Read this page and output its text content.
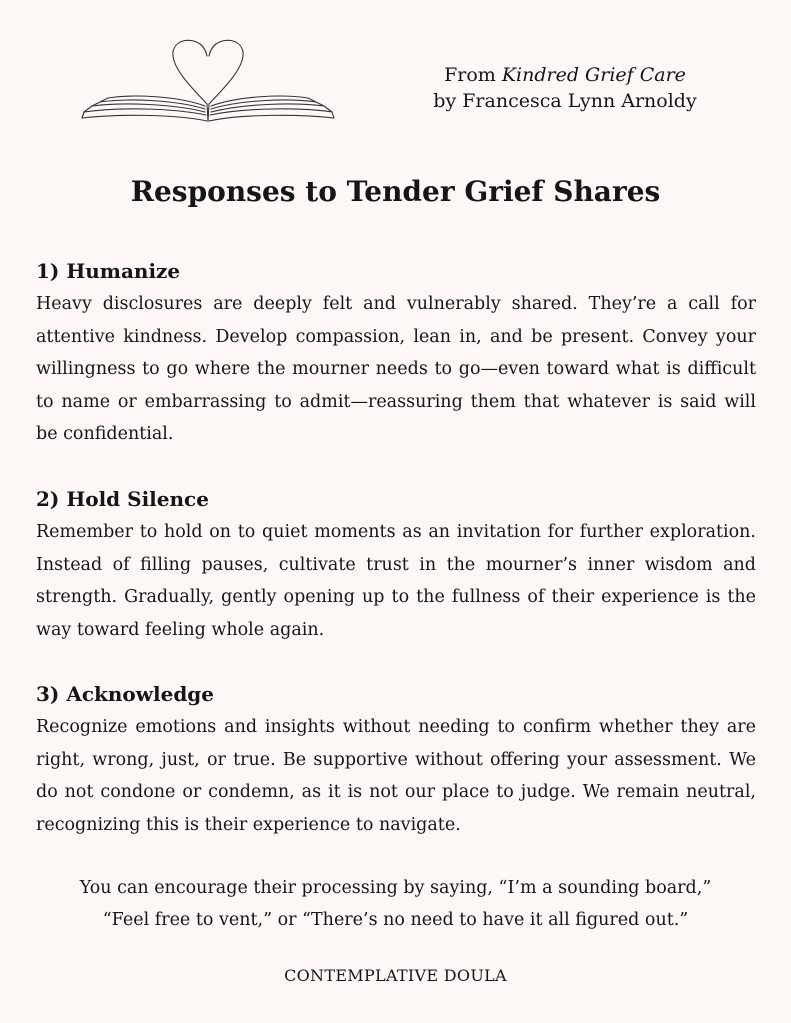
From Kindred Grief Care
by Francesca Lynn Arnoldy
Responses to Tender Grief Shares
1) Humanize

Heavy disclosures are deeply felt and vulnerably shared. They’re a call for attentive kindness. Develop compassion, lean in, and be present. Convey your willingness to go where the mourner needs to go—even toward what is difficult to name or embarrassing to admit—reassuring them that whatever is said will be confidential.

2) Hold Silence

Remember to hold on to quiet moments as an invitation for further exploration. Instead of filling pauses, cultivate trust in the mourner’s inner wisdom and strength. Gradually, gently opening up to the fullness of their experience is the way toward feeling whole again.

3) Acknowledge

Recognize emotions and insights without needing to confirm whether they are right, wrong, just, or true. Be supportive without offering your assessment. We do not condone or condemn, as it is not our place to judge. We remain neutral, recognizing this is their experience to navigate.

You can encourage their processing by saying, “I’m a sounding board,”
“Feel free to vent,” or “There’s no need to have it all figured out.”
CONTEMPLATIVE DOULA
